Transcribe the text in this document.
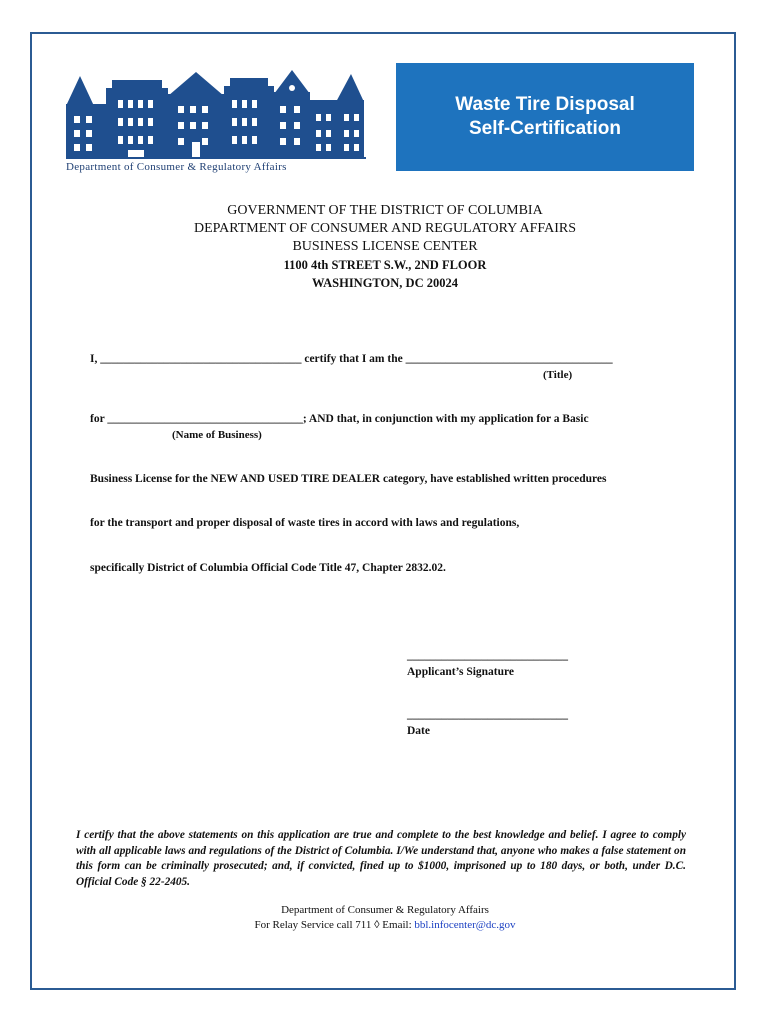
Department of Consumer & Regulatory Affairs
Waste Tire Disposal
Self-Certification
GOVERNMENT OF THE DISTRICT OF COLUMBIA
DEPARTMENT OF CONSUMER AND REGULATORY AFFAIRS
BUSINESS LICENSE CENTER
1100 4th STREET S.W., 2ND FLOOR
WASHINGTON, DC 20024
I, ___________________________________ certify that I am the ____________________________________
(Title)
for __________________________________; AND that, in conjunction with my application for a Basic
(Name of Business)
Business License for the NEW AND USED TIRE DEALER category, have established written procedures
for the transport and proper disposal of waste tires in accord with laws and regulations,
specifically District of Columbia Official Code Title 47, Chapter 2832.02.
____________________________
Applicant’s Signature
____________________________
Date
I certify that the above statements on this application are true and complete to the best knowledge and belief. I agree to comply with all applicable laws and regulations of the District of Columbia. I/We understand that, anyone who makes a false statement on this form can be criminally prosecuted; and, if convicted, fined up to $1000, imprisoned up to 180 days, or both, under D.C. Official Code § 22-2405.
Department of Consumer & Regulatory Affairs
For Relay Service call 711 ◊ Email: bbl.infocenter@dc.gov
